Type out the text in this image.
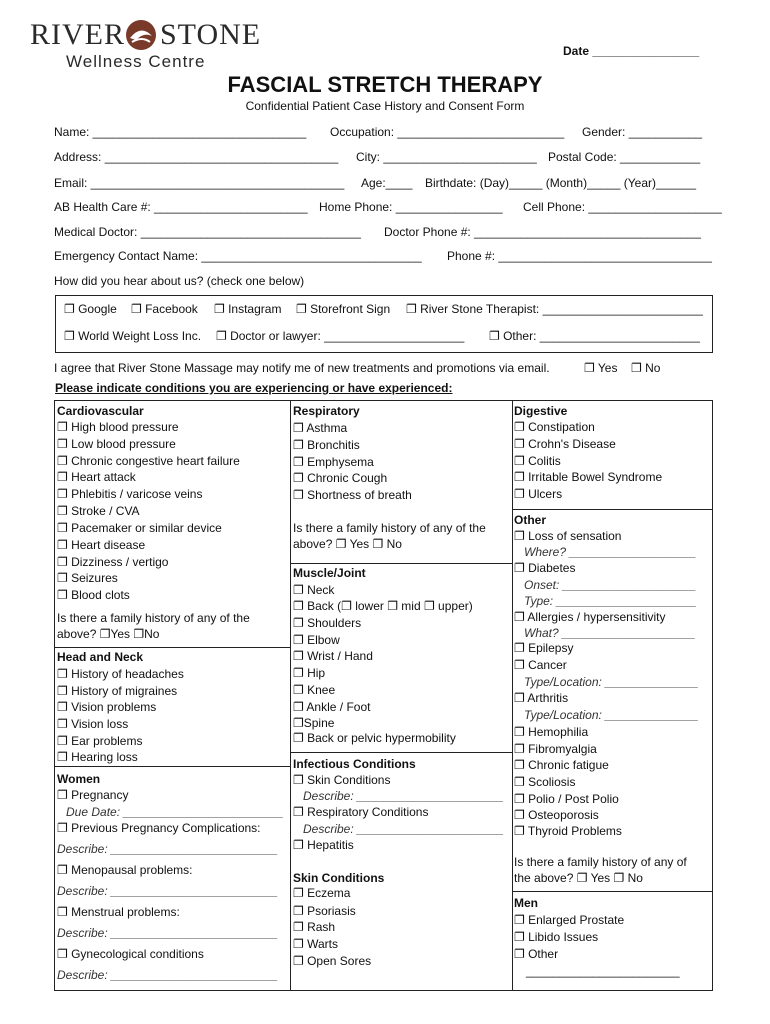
RIVER STONE
Wellness Centre
Date ________________
FASCIAL STRETCH THERAPY
Confidential Patient Case History and Consent Form
Name: ________________________________ Occupation: _________________________ Gender: ___________
Address: ___________________________________ City: _______________________ Postal Code: ____________
Email: ______________________________________ Age:____ Birthdate: (Day)_____ (Month)_____ (Year)______
AB Health Care #: _______________________ Home Phone: ________________ Cell Phone: ____________________
Medical Doctor: _________________________________ Doctor Phone #: __________________________________
Emergency Contact Name: _________________________________ Phone #: ________________________________
How did you hear about us? (check one below)
❐ Google ❐ Facebook ❐ Instagram ❐ Storefront Sign ❐ River Stone Therapist: ________________________
❐ World Weight Loss Inc. ❐ Doctor or lawyer: _____________________ ❐ Other: ________________________
I agree that River Stone Massage may notify me of new treatments and promotions via email.	❐ Yes ❐ No
Please indicate conditions you are experiencing or have experienced:
Cardiovascular
❐ High blood pressure
❐ Low blood pressure
❐ Chronic congestive heart failure
❐ Heart attack
❐ Phlebitis / varicose veins
❐ Stroke / CVA
❐ Pacemaker or similar device
❐ Heart disease
❐ Dizziness / vertigo
❐ Seizures
❐ Blood clots
Is there a family history of any of the
above? ❐Yes ❐No
Head and Neck
❐ History of headaches
❐ History of migraines
❐ Vision problems
❐ Vision loss
❐ Ear problems
❐ Hearing loss
Women
❐ Pregnancy
Due Date: ________________________
❐ Previous Pregnancy Complications:
Describe: _________________________
❐ Menopausal problems:
Describe: _________________________
❐ Menstrual problems:
Describe: _________________________
❐ Gynecological conditions
Describe: _________________________
Respiratory
❐ Asthma
❐ Bronchitis
❐ Emphysema
❐ Chronic Cough
❐ Shortness of breath
Is there a family history of any of the
above? ❐ Yes ❐ No
Muscle/Joint
❐ Neck
❐ Back (❐ lower ❐ mid ❐ upper)
❐ Shoulders
❐ Elbow
❐ Wrist / Hand
❐ Hip
❐ Knee
❐ Ankle / Foot
❐Spine
❐ Back or pelvic hypermobility
Infectious Conditions
❐ Skin Conditions
Describe: ______________________
❐ Respiratory Conditions
Describe: ______________________
❐ Hepatitis
Skin Conditions
❐ Eczema
❐ Psoriasis
❐ Rash
❐ Warts
❐ Open Sores
Digestive
❐ Constipation
❐ Crohn's Disease
❐ Colitis
❐ Irritable Bowel Syndrome
❐ Ulcers
Other
❐ Loss of sensation
Where? ___________________
❐ Diabetes
Onset: ____________________
Type: _____________________
❐ Allergies / hypersensitivity
What? ____________________
❐ Epilepsy
❐ Cancer
Type/Location: ______________
❐ Arthritis
Type/Location: ______________
❐ Hemophilia
❐ Fibromyalgia
❐ Chronic fatigue
❐ Scoliosis
❐ Polio / Post Polio
❐ Osteoporosis
❐ Thyroid Problems
Is there a family history of any of
the above? ❐ Yes ❐ No
Men
❐ Enlarged Prostate
❐ Libido Issues
❐ Other
_______________________
